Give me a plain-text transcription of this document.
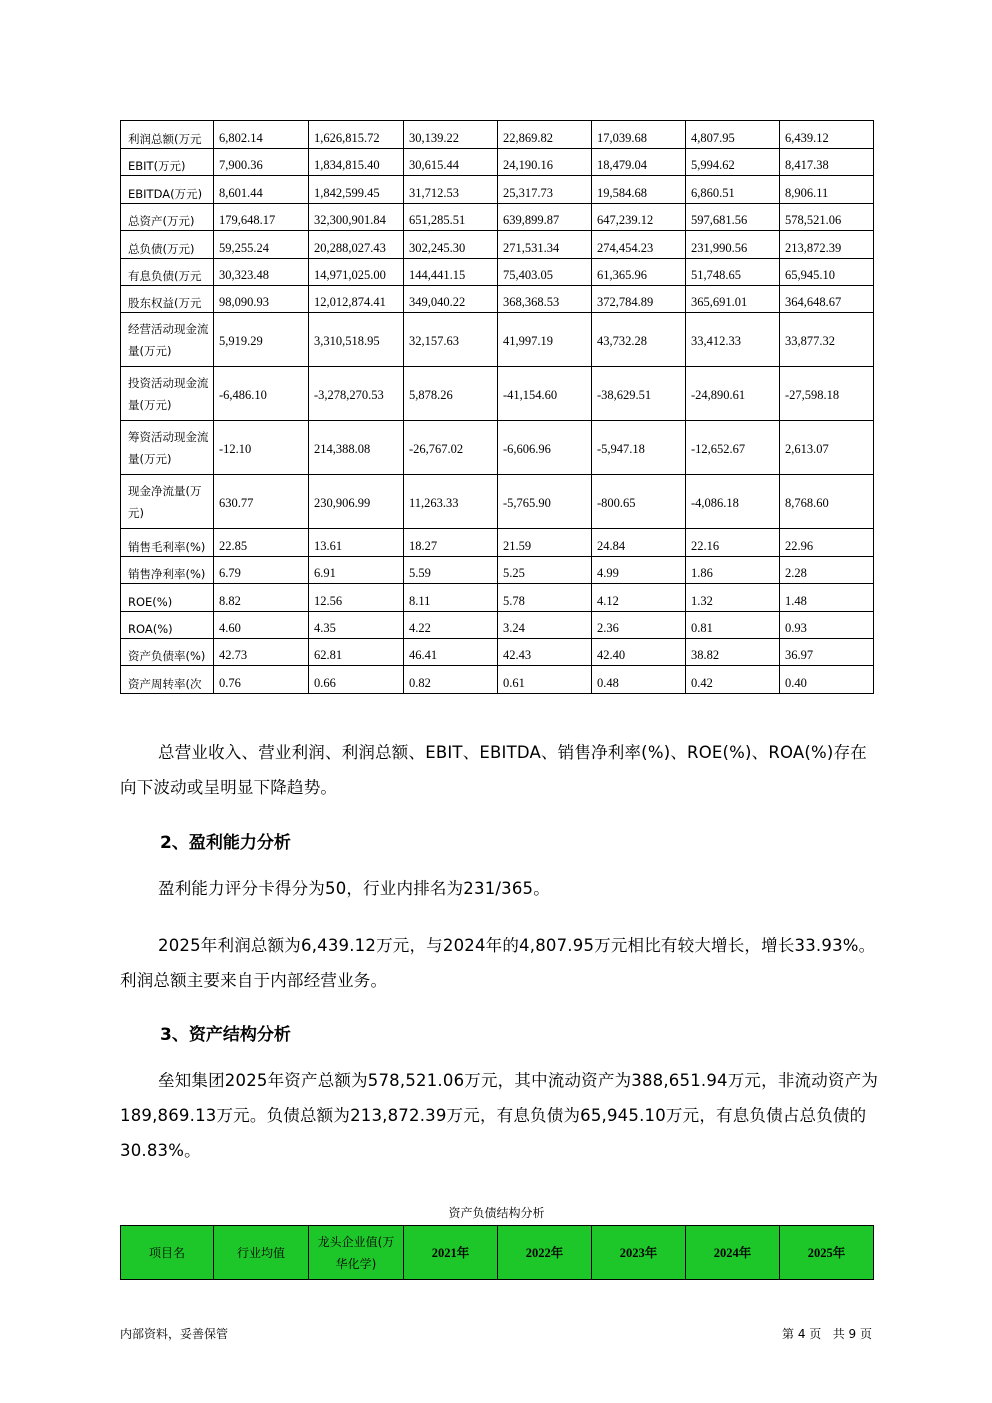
利润总额(万元	6,802.14	1,626,815.72	30,139.22	22,869.82	17,039.68	4,807.95	6,439.12
EBIT(万元)	7,900.36	1,834,815.40	30,615.44	24,190.16	18,479.04	5,994.62	8,417.38
EBITDA(万元)	8,601.44	1,842,599.45	31,712.53	25,317.73	19,584.68	6,860.51	8,906.11
总资产(万元)	179,648.17	32,300,901.84	651,285.51	639,899.87	647,239.12	597,681.56	578,521.06
总负债(万元)	59,255.24	20,288,027.43	302,245.30	271,531.34	274,454.23	231,990.56	213,872.39
有息负债(万元	30,323.48	14,971,025.00	144,441.15	75,403.05	61,365.96	51,748.65	65,945.10
股东权益(万元	98,090.93	12,012,874.41	349,040.22	368,368.53	372,784.89	365,691.01	364,648.67
经营活动现金流量(万元)	5,919.29	3,310,518.95	32,157.63	41,997.19	43,732.28	33,412.33	33,877.32
投资活动现金流量(万元)	-6,486.10	-3,278,270.53	5,878.26	-41,154.60	-38,629.51	-24,890.61	-27,598.18
筹资活动现金流量(万元)	-12.10	214,388.08	-26,767.02	-6,606.96	-5,947.18	-12,652.67	2,613.07
现金净流量(万元)	630.77	230,906.99	11,263.33	-5,765.90	-800.65	-4,086.18	8,768.60
销售毛利率(%)	22.85	13.61	18.27	21.59	24.84	22.16	22.96
销售净利率(%)	6.79	6.91	5.59	5.25	4.99	1.86	2.28
ROE(%)	8.82	12.56	8.11	5.78	4.12	1.32	1.48
ROA(%)	4.60	4.35	4.22	3.24	2.36	0.81	0.93
资产负债率(%)	42.73	62.81	46.41	42.43	42.40	38.82	36.97
资产周转率(次	0.76	0.66	0.82	0.61	0.48	0.42	0.40
总营业收入、营业利润、利润总额、EBIT、EBITDA、销售净利率(%)、ROE(%)、ROA(%)存在向下波动或呈明显下降趋势。
2、盈利能力分析
盈利能力评分卡得分为50，行业内排名为231/365。
2025年利润总额为6,439.12万元，与2024年的4,807.95万元相比有较大增长，增长33.93%。利润总额主要来自于内部经营业务。
3、资产结构分析
垒知集团2025年资产总额为578,521.06万元，其中流动资产为388,651.94万元，非流动资产为189,869.13万元。负债总额为213,872.39万元，有息负债为65,945.10万元，有息负债占总负债的30.83%。
资产负债结构分析
项目名	行业均值	龙头企业值(万华化学)	2021年	2022年	2023年	2024年	2025年
内部资料，妥善保管	第 4 页   共 9 页
